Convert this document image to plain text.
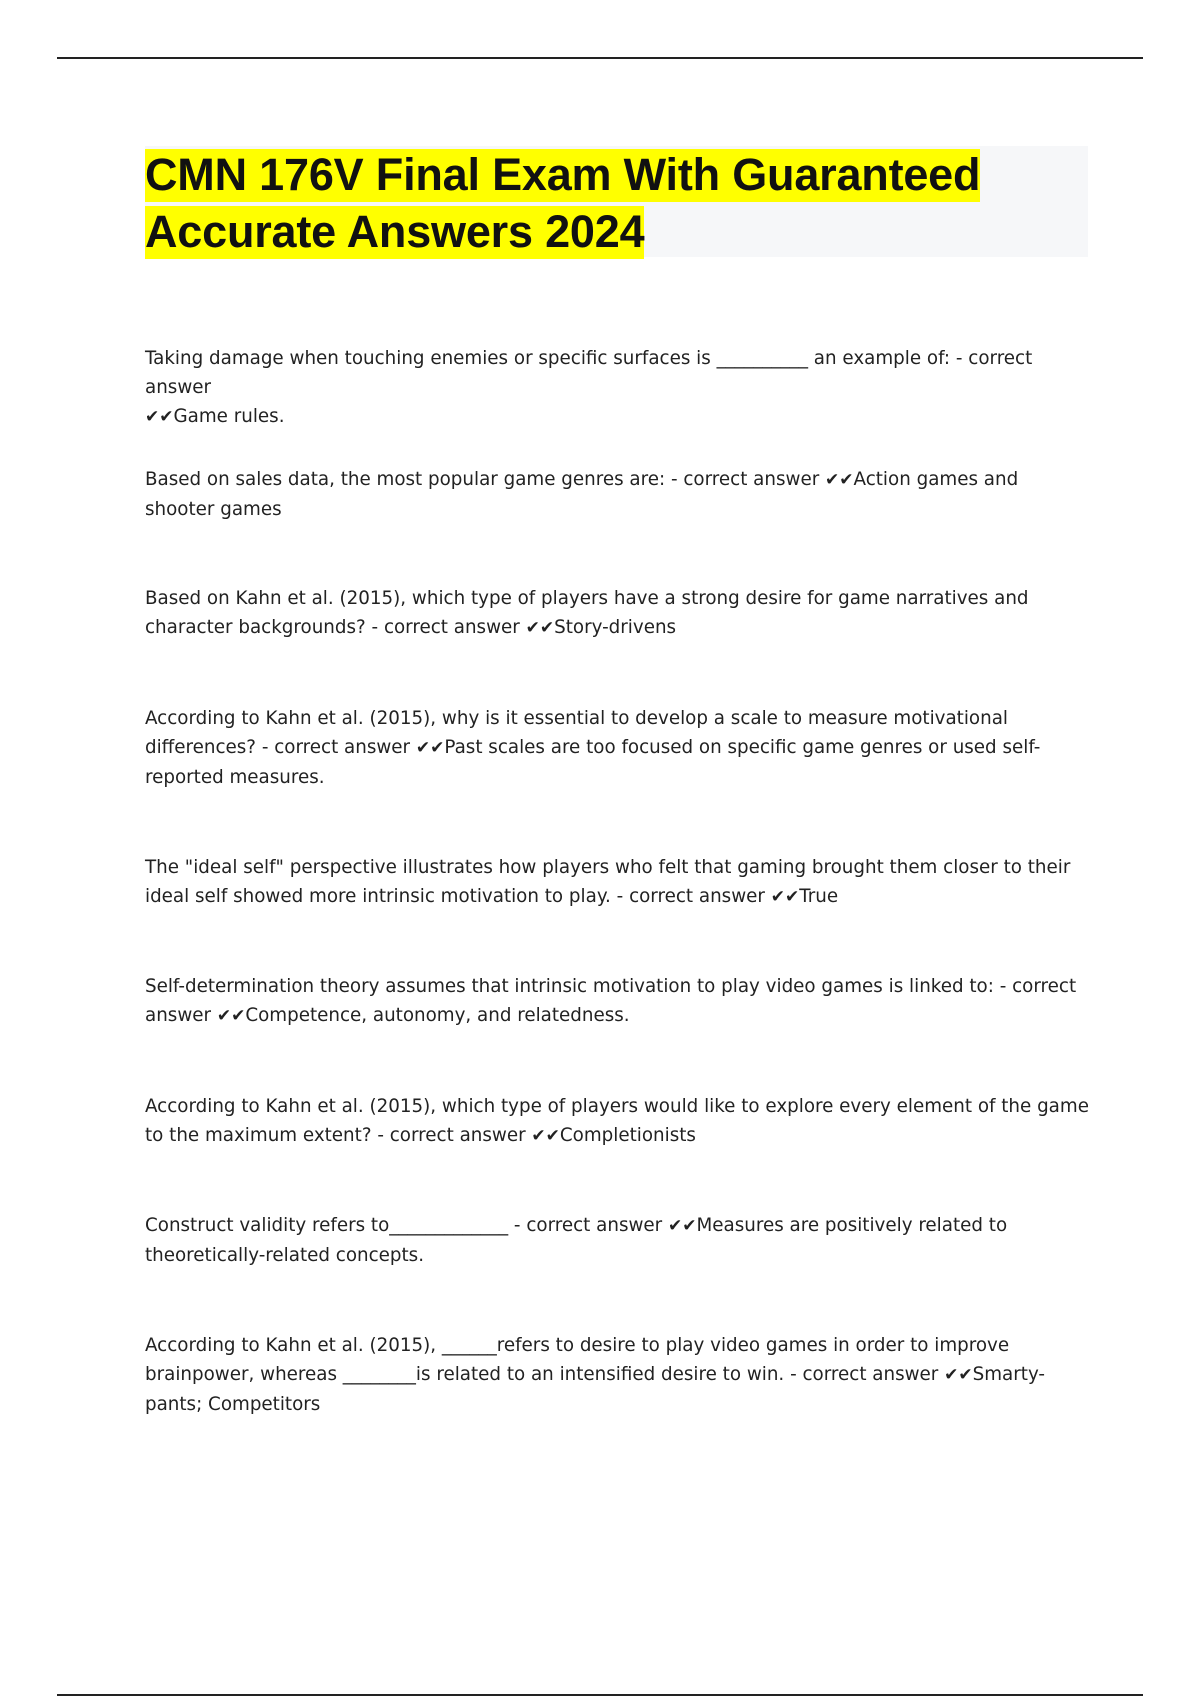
CMN 176V Final Exam With Guaranteed
Accurate Answers 2024

Taking damage when touching enemies or specific surfaces is __________ an example of: - correct answer
✔✔Game rules.

Based on sales data, the most popular game genres are: - correct answer ✔✔Action games and shooter games

Based on Kahn et al. (2015), which type of players have a strong desire for game narratives and character backgrounds? - correct answer ✔✔Story-drivens

According to Kahn et al. (2015), why is it essential to develop a scale to measure motivational differences? - correct answer ✔✔Past scales are too focused on specific game genres or used self-reported measures.

The "ideal self" perspective illustrates how players who felt that gaming brought them closer to their ideal self showed more intrinsic motivation to play. - correct answer ✔✔True

Self-determination theory assumes that intrinsic motivation to play video games is linked to: - correct answer ✔✔Competence, autonomy, and relatedness.

According to Kahn et al. (2015), which type of players would like to explore every element of the game to the maximum extent? - correct answer ✔✔Completionists

Construct validity refers to_____________ - correct answer ✔✔Measures are positively related to theoretically-related concepts.

According to Kahn et al. (2015), ______refers to desire to play video games in order to improve brainpower, whereas ________is related to an intensified desire to win. - correct answer ✔✔Smarty-pants; Competitors
